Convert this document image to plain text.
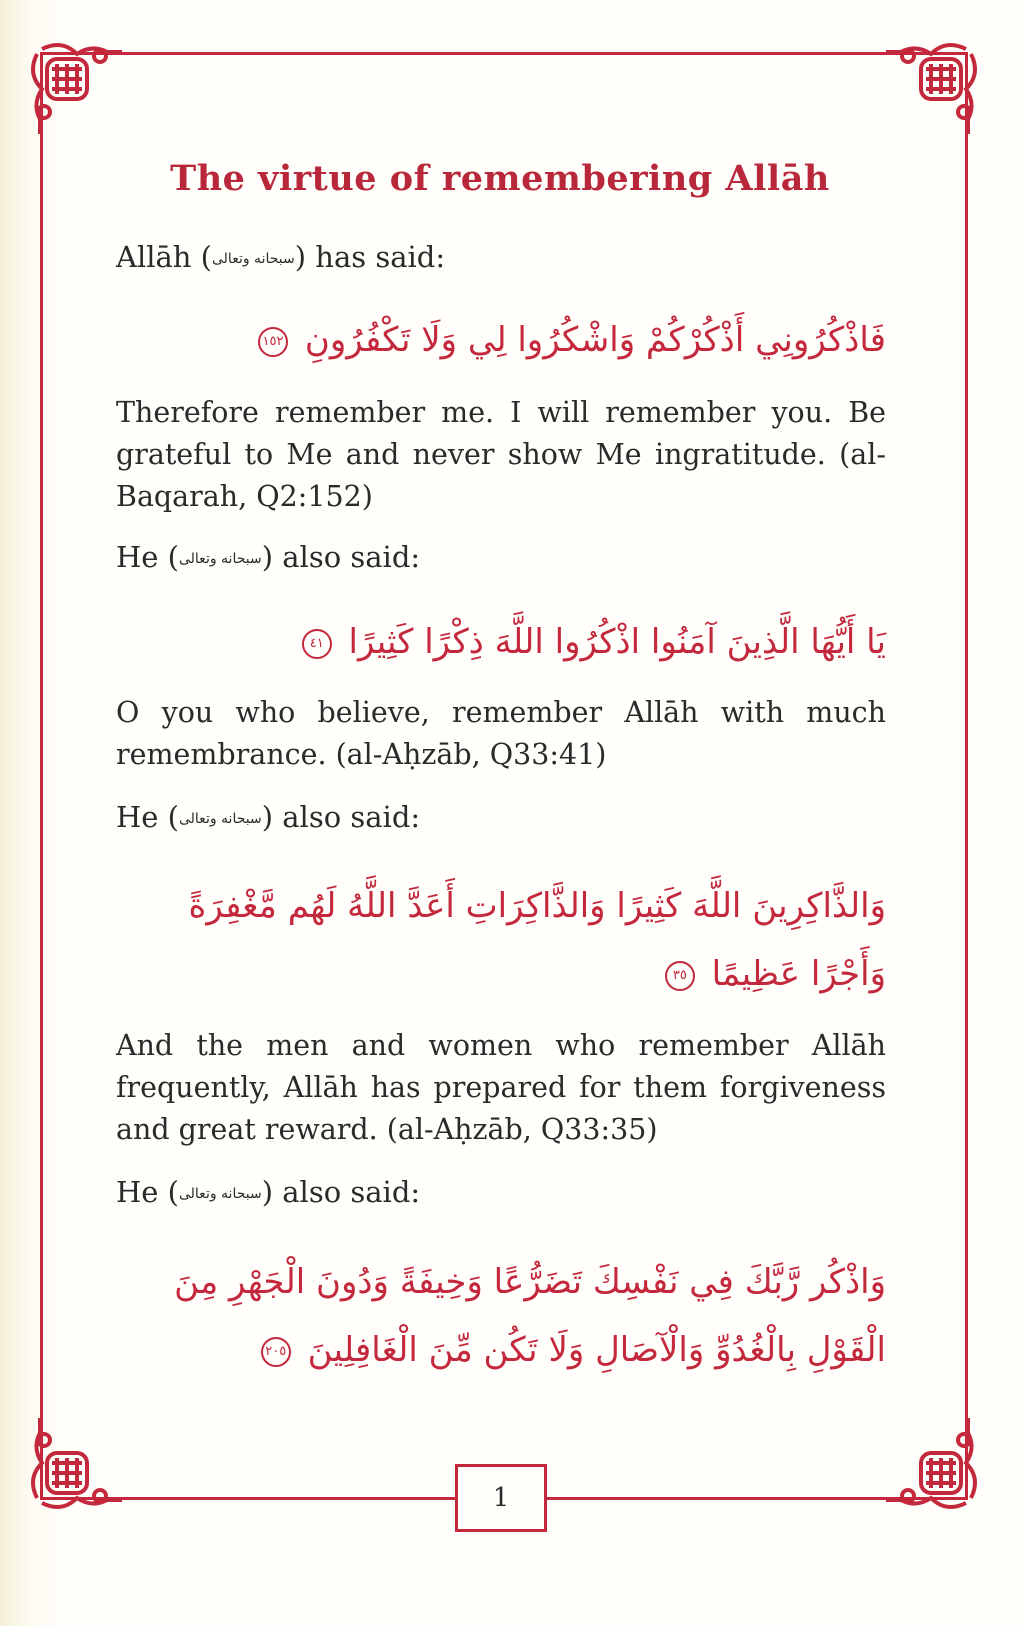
The virtue of remembering Allāh
Allāh (سبحانه وتعالى) has said:
فَاذْكُرُونِي أَذْكُرْكُمْ وَاشْكُرُوا لِي وَلَا تَكْفُرُونِ ١٥٢
Therefore remember me. I will remember you. Be grateful to Me and never show Me ingratitude. (al-Baqarah, Q2:152)
He (سبحانه وتعالى) also said:
يَا أَيُّهَا الَّذِينَ آمَنُوا اذْكُرُوا اللَّهَ ذِكْرًا كَثِيرًا ٤١
O you who believe, remember Allāh with much remembrance. (al-Aḥzāb, Q33:41)
He (سبحانه وتعالى) also said:
وَالذَّاكِرِينَ اللَّهَ كَثِيرًا وَالذَّاكِرَاتِ أَعَدَّ اللَّهُ لَهُم مَّغْفِرَةً وَأَجْرًا عَظِيمًا ٣٥
And the men and women who remember Allāh frequently, Allāh has prepared for them forgiveness and great reward. (al-Aḥzāb, Q33:35)
He (سبحانه وتعالى) also said:
وَاذْكُر رَّبَّكَ فِي نَفْسِكَ تَضَرُّعًا وَخِيفَةً وَدُونَ الْجَهْرِ مِنَ الْقَوْلِ بِالْغُدُوِّ وَالْآصَالِ وَلَا تَكُن مِّنَ الْغَافِلِينَ ٢٠٥
1
